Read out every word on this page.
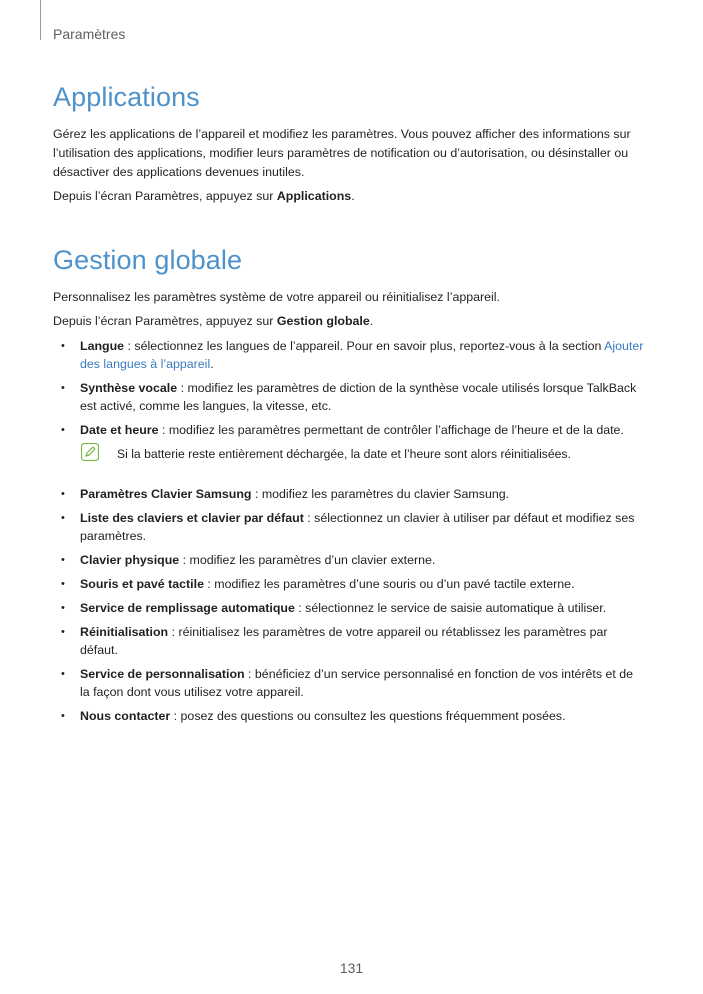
Paramètres
Applications

Gérez les applications de l’appareil et modifiez les paramètres. Vous pouvez afficher des informations sur l’utilisation des applications, modifier leurs paramètres de notification ou d’autorisation, ou désinstaller ou désactiver des applications devenues inutiles.

Depuis l’écran Paramètres, appuyez sur Applications.

Gestion globale

Personnalisez les paramètres système de votre appareil ou réinitialisez l’appareil.

Depuis l’écran Paramètres, appuyez sur Gestion globale.

• Langue : sélectionnez les langues de l’appareil. Pour en savoir plus, reportez-vous à la section Ajouter des langues à l’appareil.
• Synthèse vocale : modifiez les paramètres de diction de la synthèse vocale utilisés lorsque TalkBack est activé, comme les langues, la vitesse, etc.
• Date et heure : modifiez les paramètres permettant de contrôler l’affichage de l’heure et de la date.
Si la batterie reste entièrement déchargée, la date et l’heure sont alors réinitialisées.
• Paramètres Clavier Samsung : modifiez les paramètres du clavier Samsung.
• Liste des claviers et clavier par défaut : sélectionnez un clavier à utiliser par défaut et modifiez ses paramètres.
• Clavier physique : modifiez les paramètres d’un clavier externe.
• Souris et pavé tactile : modifiez les paramètres d’une souris ou d’un pavé tactile externe.
• Service de remplissage automatique : sélectionnez le service de saisie automatique à utiliser.
• Réinitialisation : réinitialisez les paramètres de votre appareil ou rétablissez les paramètres par défaut.
• Service de personnalisation : bénéficiez d’un service personnalisé en fonction de vos intérêts et de la façon dont vous utilisez votre appareil.
• Nous contacter : posez des questions ou consultez les questions fréquemment posées.
131
